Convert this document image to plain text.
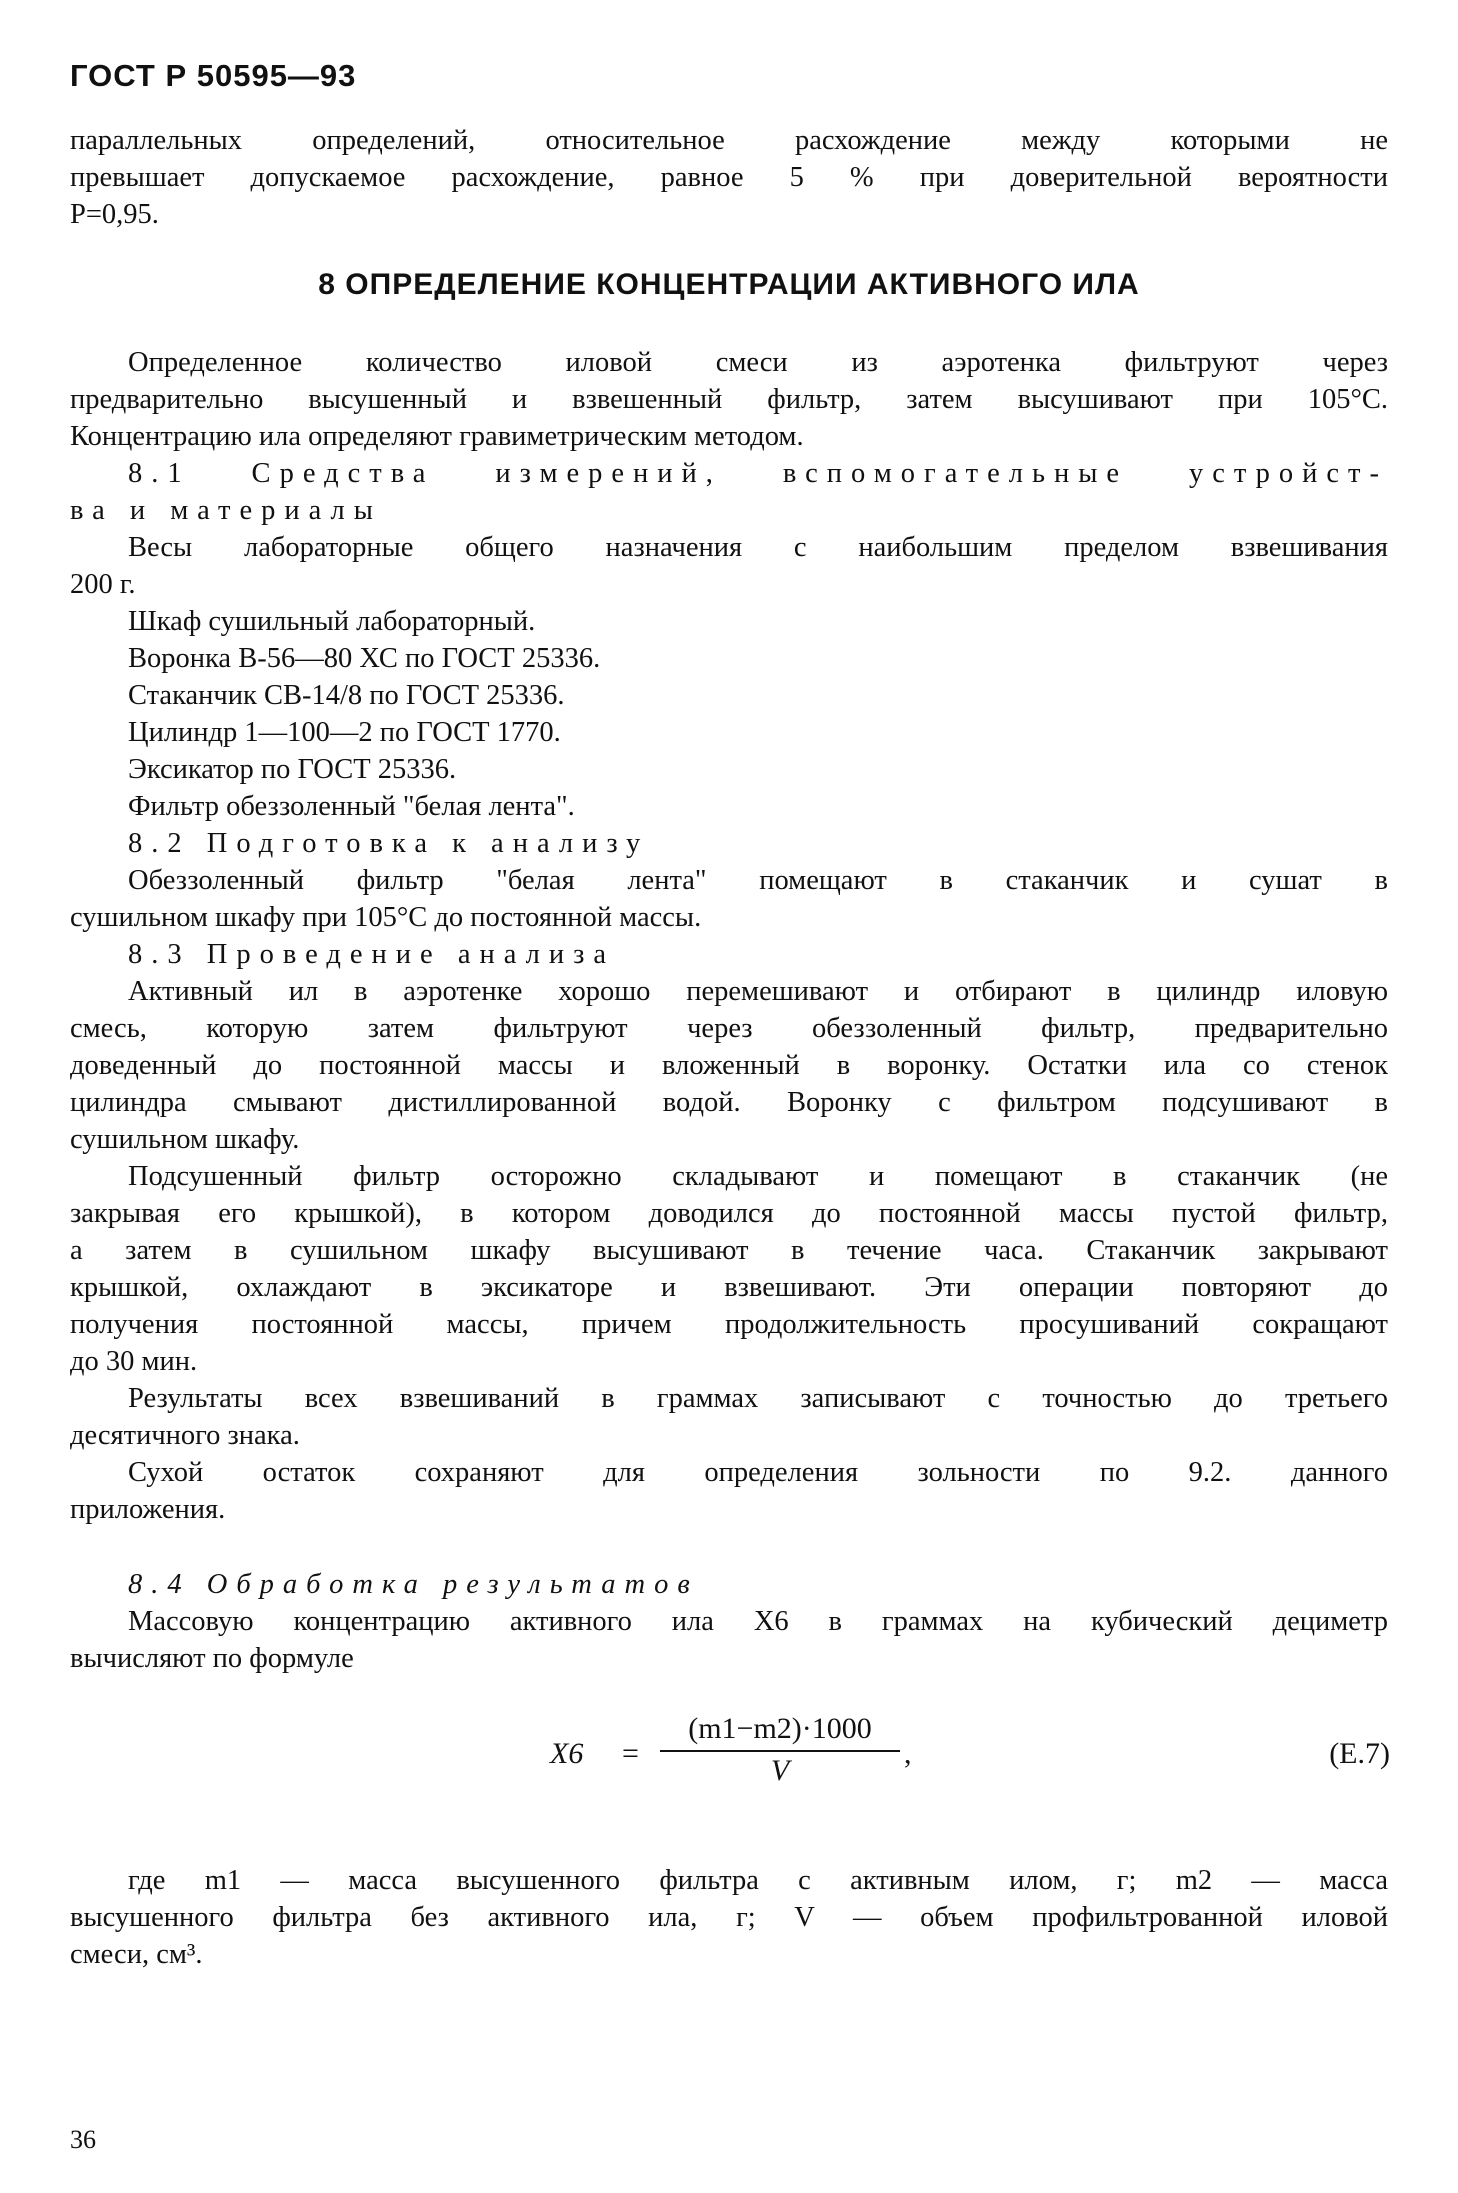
ГОСТ Р 50595—93
параллельных определений, относительное расхождение между которыми не
превышает допускаемое расхождение, равное 5 % при доверительной вероятности
Р=0,95.
8 ОПРЕДЕЛЕНИЕ КОНЦЕНТРАЦИИ АКТИВНОГО ИЛА
Определенное количество иловой смеси из аэротенка фильтруют через
предварительно высушенный и взвешенный фильтр, затем высушивают при 105°С.
Концентрацию ила определяют гравиметрическим методом.
8.1 Средства измерений, вспомогательные устройст-
ва и материалы
Весы лабораторные общего назначения с наибольшим пределом взвешивания
200 г.
Шкаф сушильный лабораторный.
Воронка В-56—80 ХС по ГОСТ 25336.
Стаканчик СВ-14/8 по ГОСТ 25336.
Цилиндр 1—100—2 по ГОСТ 1770.
Эксикатор по ГОСТ 25336.
Фильтр обеззоленный "белая лента".
8.2 Подготовка к анализу
Обеззоленный фильтр "белая лента" помещают в стаканчик и сушат в
сушильном шкафу при 105°С до постоянной массы.
8.3 Проведение анализа
Активный ил в аэротенке хорошо перемешивают и отбирают в цилиндр иловую
смесь, которую затем фильтруют через обеззоленный фильтр, предварительно
доведенный до постоянной массы и вложенный в воронку. Остатки ила со стенок
цилиндра смывают дистиллированной водой. Воронку с фильтром подсушивают в
сушильном шкафу.
Подсушенный фильтр осторожно складывают и помещают в стаканчик (не
закрывая его крышкой), в котором доводился до постоянной массы пустой фильтр,
а затем в сушильном шкафу высушивают в течение часа. Стаканчик закрывают
крышкой, охлаждают в эксикаторе и взвешивают. Эти операции повторяют до
получения постоянной массы, причем продолжительность просушиваний сокращают
до 30 мин.
Результаты всех взвешиваний в граммах записывают с точностью до третьего
десятичного знака.
Сухой остаток сохраняют для определения зольности по 9.2. данного
приложения.
8.4 Обработка результатов
Массовую концентрацию активного ила X6 в граммах на кубический дециметр
вычисляют по формуле
$X6 = \frac{(m1-m2)\cdot 1000}{V}$ ,	(Е.7)
где m1 — масса высушенного фильтра с активным илом, г; m2 — масса
высушенного фильтра без активного ила, г; V — объем профильтрованной иловой
смеси, см³.
36
